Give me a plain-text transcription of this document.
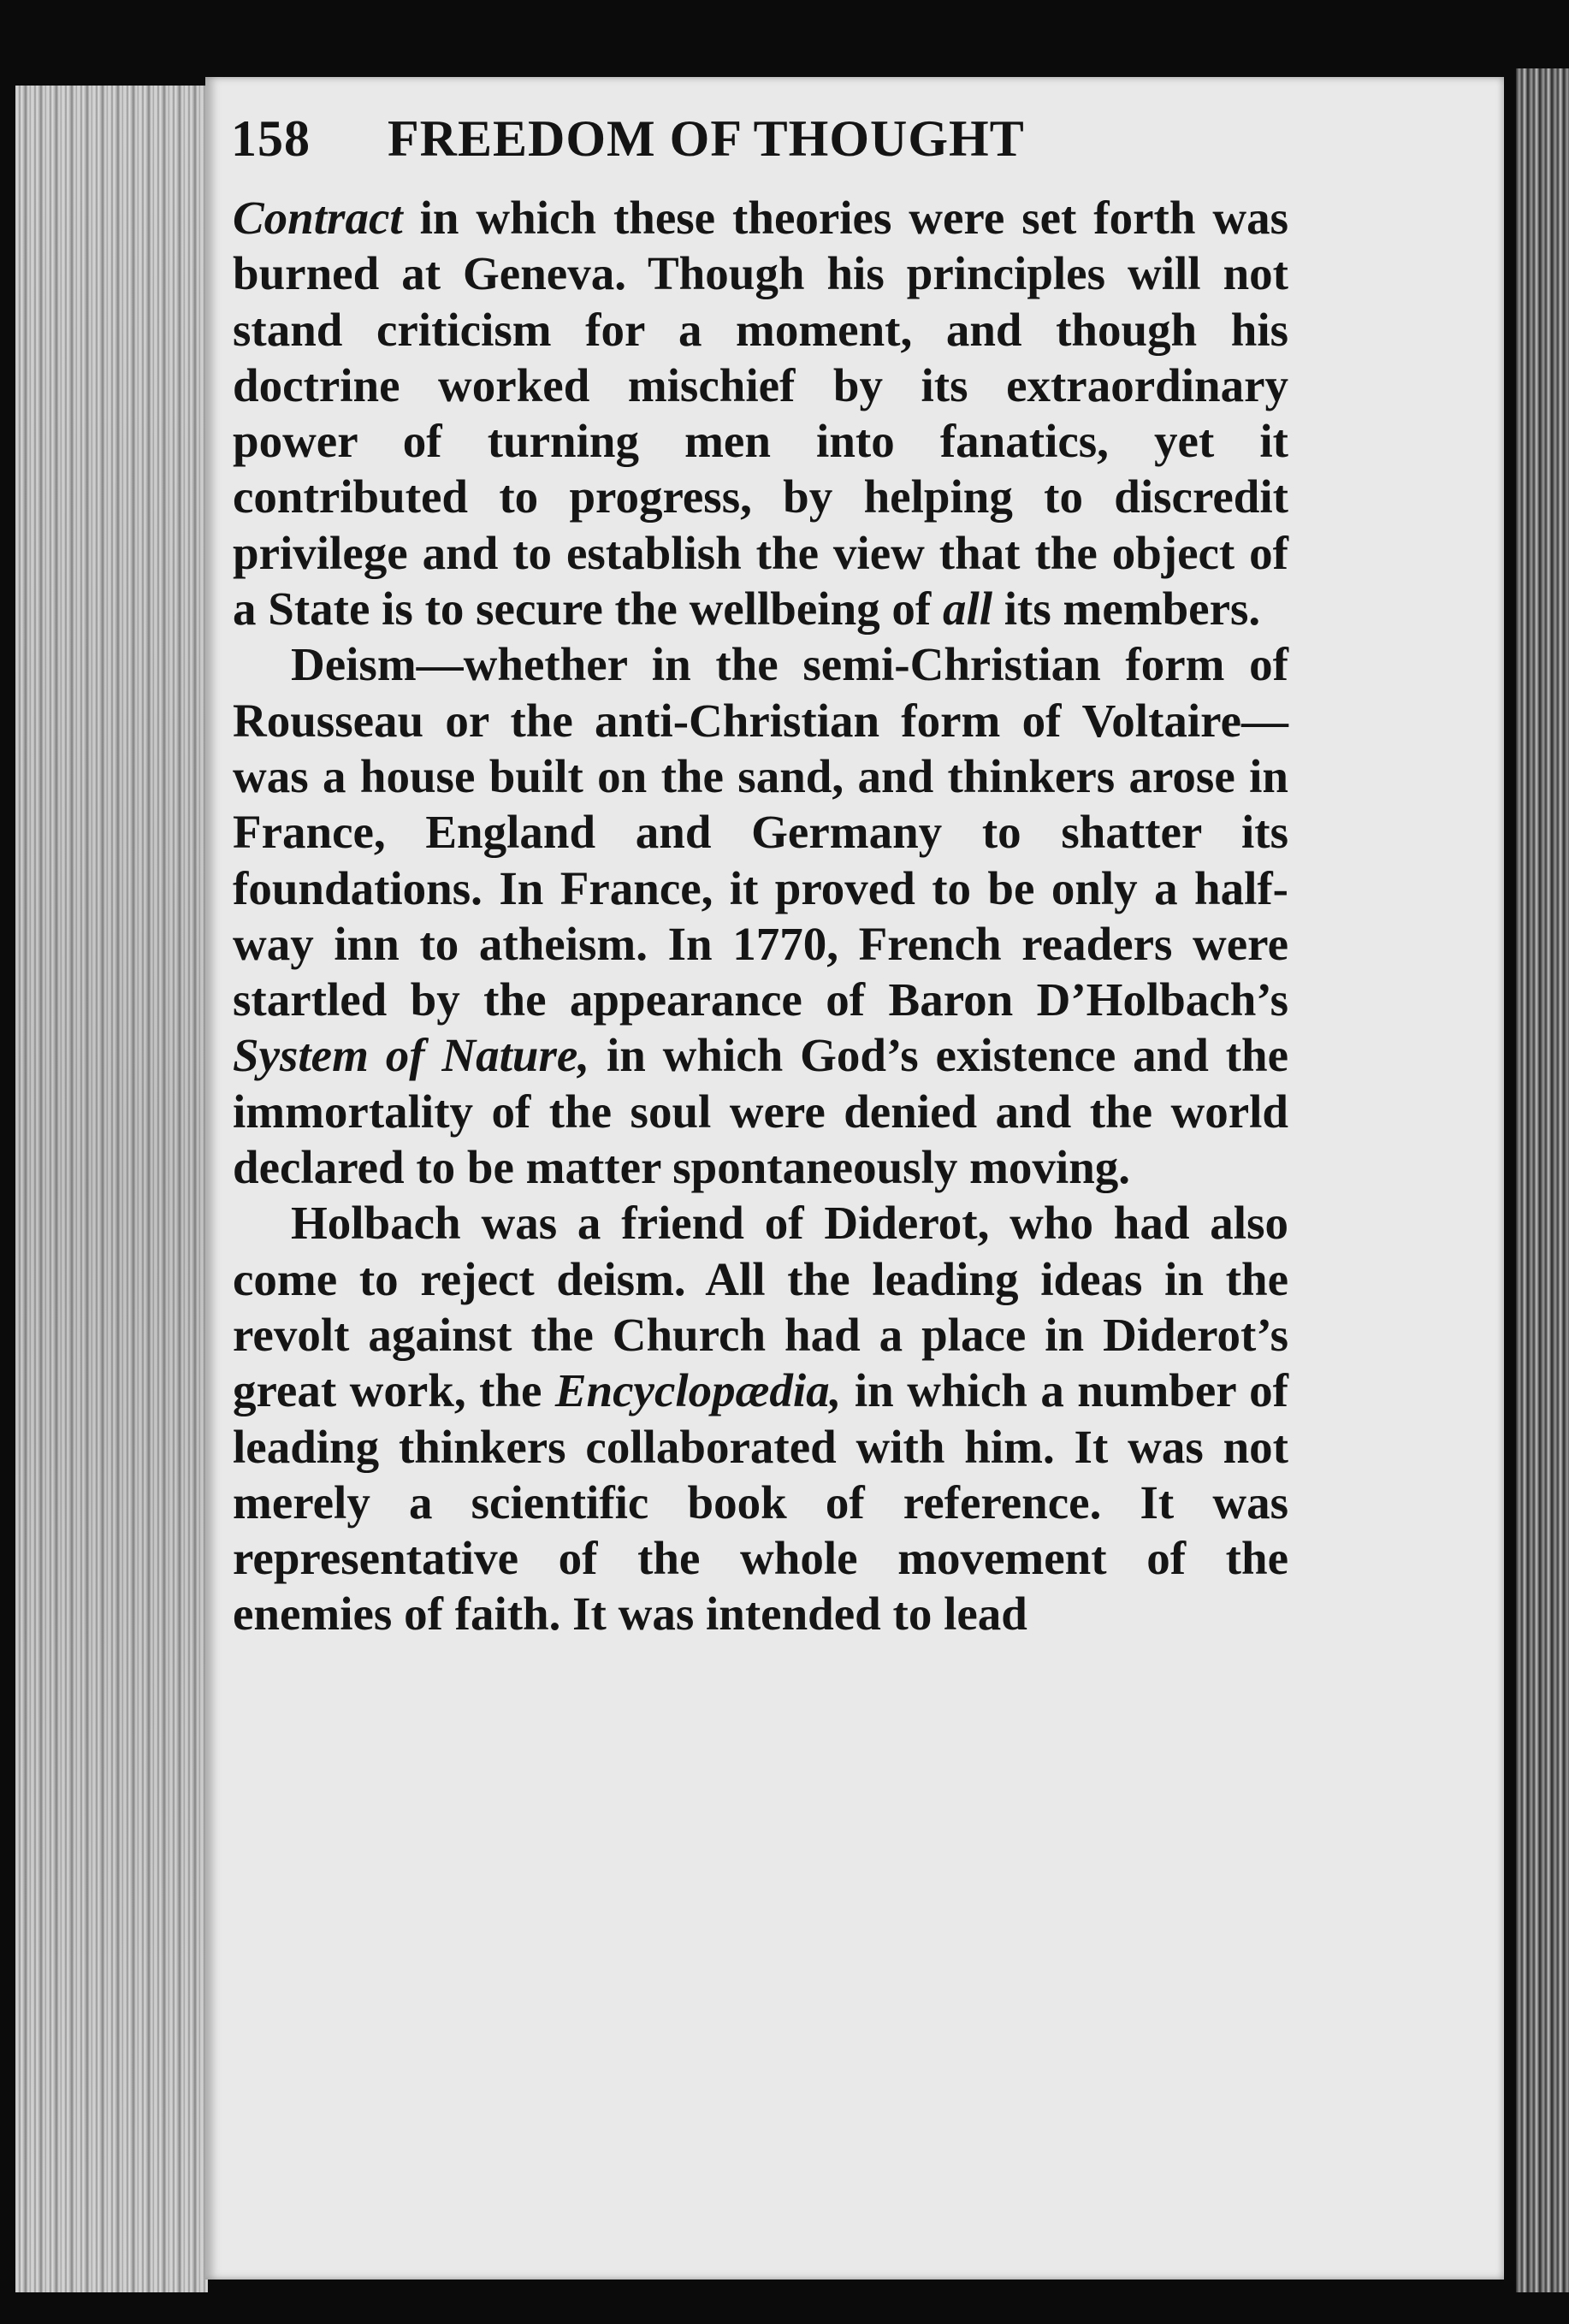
158 FREEDOM OF THOUGHT

Contract in which these theories were set forth was burned at Geneva. Though his principles will not stand criticism for a moment, and though his doctrine worked mischief by its extraordinary power of turning men into fanatics, yet it contributed to progress, by helping to discredit privilege and to establish the view that the object of a State is to secure the wellbeing of all its members.

Deism—whether in the semi-Christian form of Rousseau or the anti-Christian form of Voltaire—was a house built on the sand, and thinkers arose in France, England and Germany to shatter its foundations. In France, it proved to be only a half-way inn to atheism. In 1770, French readers were startled by the appearance of Baron D’Holbach’s System of Nature, in which God’s existence and the immortality of the soul were denied and the world declared to be matter spontaneously moving.

Holbach was a friend of Diderot, who had also come to reject deism. All the leading ideas in the revolt against the Church had a place in Diderot’s great work, the Encyclopædia, in which a number of leading thinkers collaborated with him. It was not merely a scientific book of reference. It was representative of the whole movement of the enemies of faith. It was intended to lead
